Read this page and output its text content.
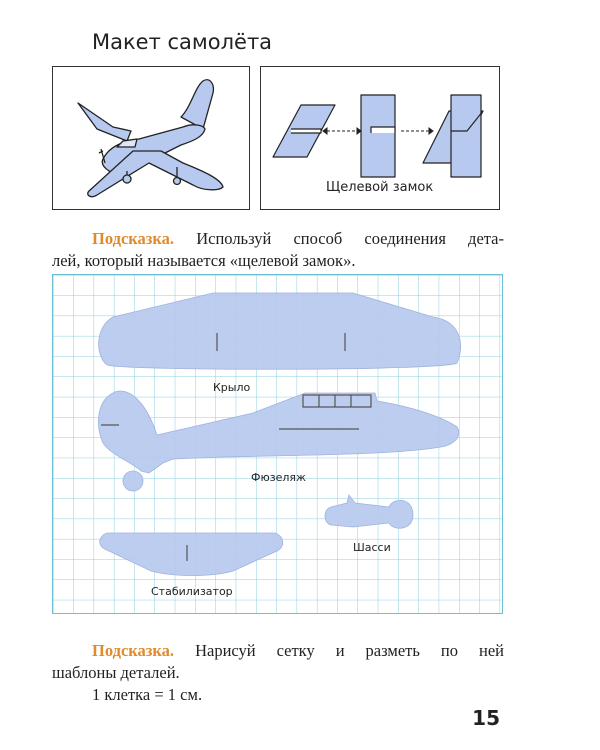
Макет самолёта
Щелевой замок
Подсказка. Используй способ соединения дета-
лей, который называется «щелевой замок».
Крыло
Фюзеляж
Шасси
Стабилизатор
Подсказка. Нарисуй сетку и разметь по ней
шаблоны деталей.
1 клетка = 1 см.
15
